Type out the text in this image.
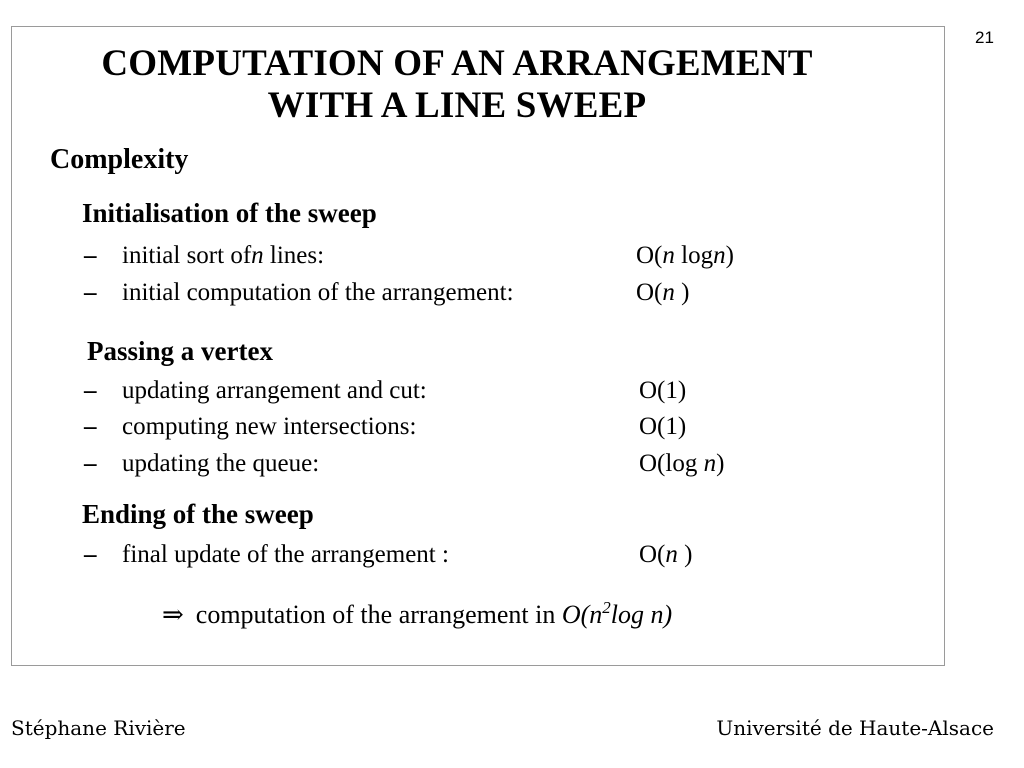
21
COMPUTATION OF AN ARRANGEMENT
WITH A LINE SWEEP
Complexity
Initialisation of the sweep
–	initial sort ofn lines:	O(n logn)
–	initial computation of the arrangement:	O(n )
Passing a vertex
–	updating arrangement and cut:	O(1)
–	computing new intersections:	O(1)
–	updating the queue:	O(log n)
Ending of the sweep
–	final update of the arrangement :	O(n )
⇒ computation of the arrangement in $O(n^2\log$ n)
Stéphane Rivière	Université de Haute-Alsace
